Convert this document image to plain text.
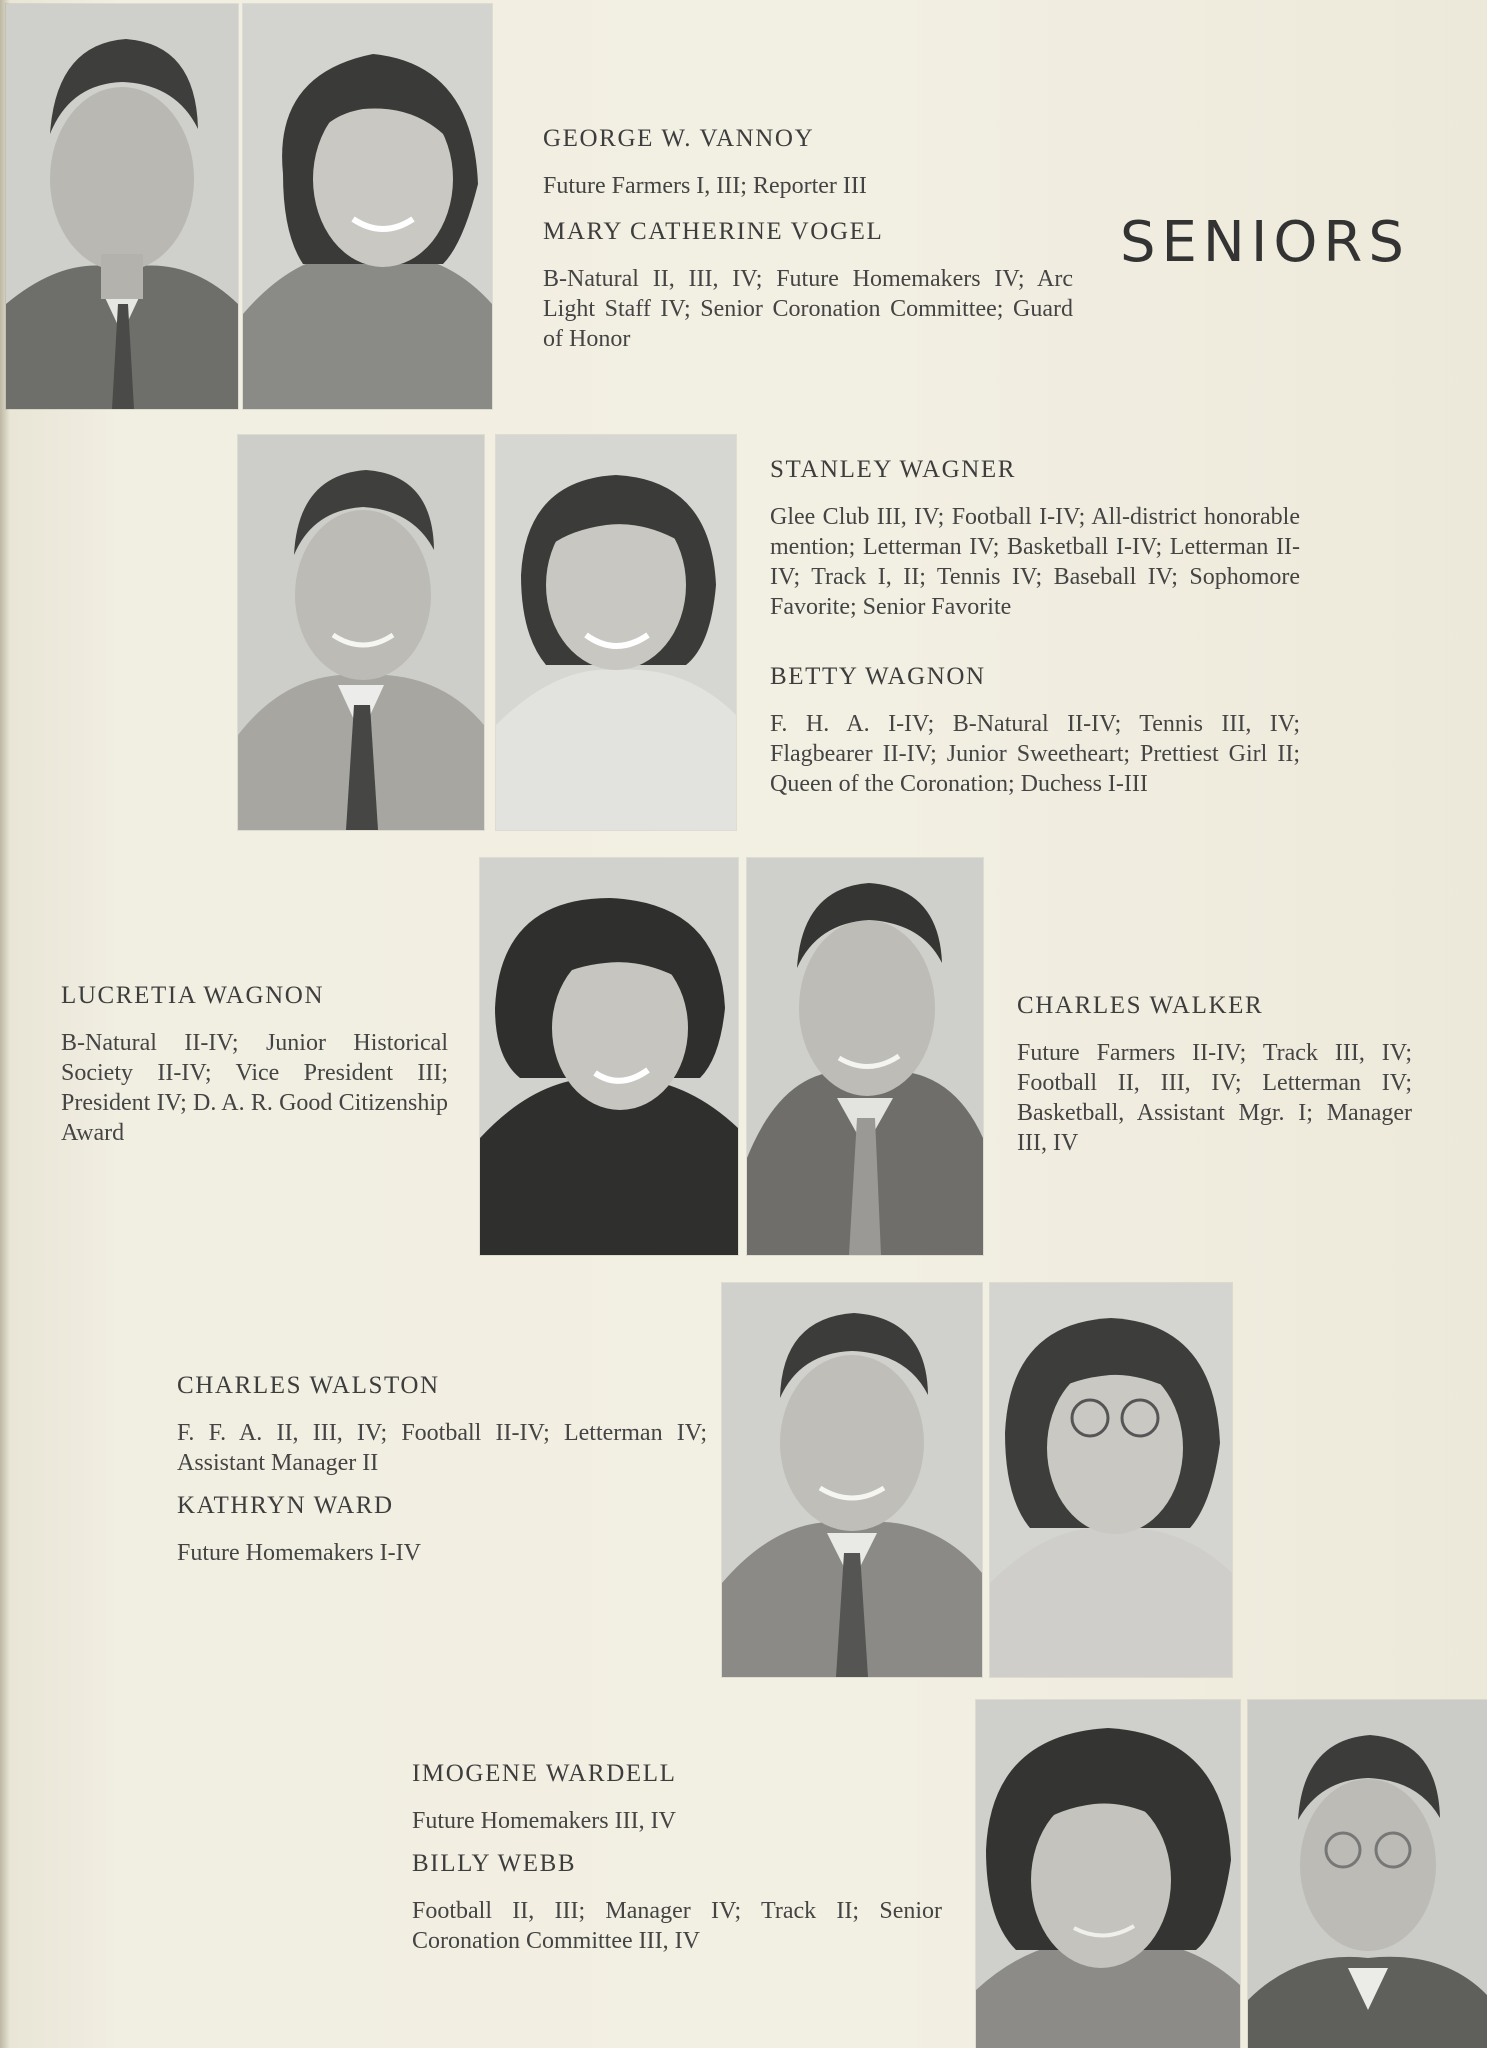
SENIORS

GEORGE W. VANNOY

Future Farmers I, III; Reporter III

MARY CATHERINE VOGEL

B-Natural II, III, IV; Future Homemakers IV; Arc Light Staff IV; Senior Coronation Committee; Guard of Honor

STANLEY WAGNER

Glee Club III, IV; Football I-IV; All-district honorable mention; Letterman IV; Basketball I-IV; Letterman II-IV; Track I, II; Tennis IV; Baseball IV; Sophomore Favorite; Senior Favorite

BETTY WAGNON

F. H. A. I-IV; B-Natural II-IV; Tennis III, IV; Flagbearer II-IV; Junior Sweetheart; Prettiest Girl II; Queen of the Coronation; Duchess I-III

LUCRETIA WAGNON

B-Natural II-IV; Junior Historical Society II-IV; Vice President III; President IV; D. A. R. Good Citizenship Award

CHARLES WALKER

Future Farmers II-IV; Track III, IV; Football II, III, IV; Letterman IV; Basketball, Assistant Mgr. I; Manager III, IV

CHARLES WALSTON

F. F. A. II, III, IV; Football II-IV; Letterman IV; Assistant Manager II

KATHRYN WARD

Future Homemakers I-IV

IMOGENE WARDELL

Future Homemakers III, IV

BILLY WEBB

Football II, III; Manager IV; Track II; Senior Coronation Committee III, IV
